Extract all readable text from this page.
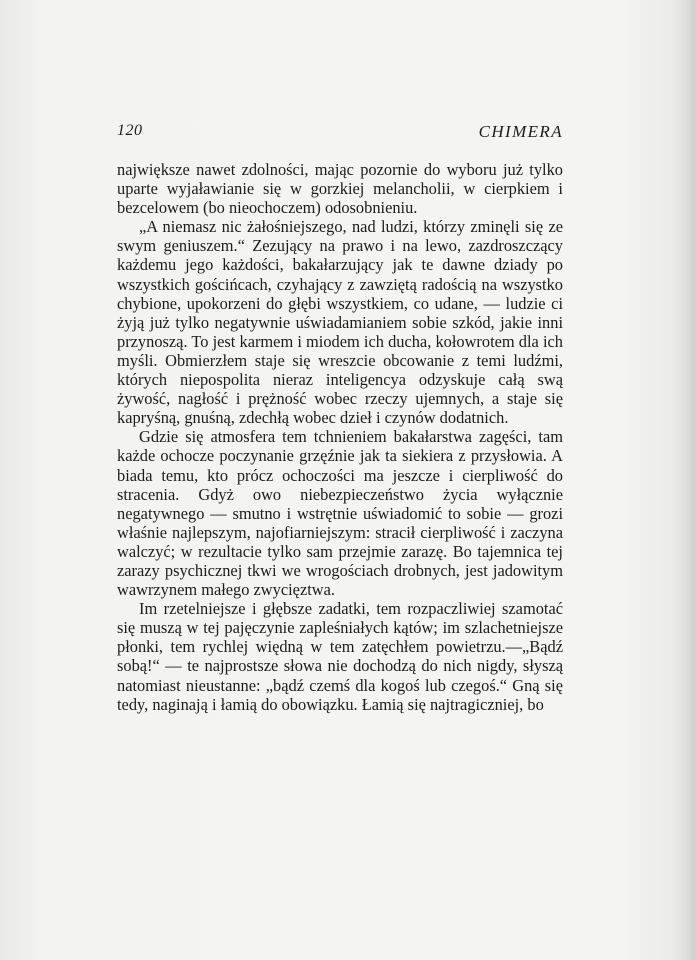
120	CHIMERA

największe nawet zdolności, mając pozornie do wyboru już tylko uparte wyjaławianie się w gorzkiej melancholii, w cierpkiem i bezcelowem (bo nieochoczem) odosobnieniu.

„A niemasz nic żałośniejszego, nad ludzi, którzy zminęli się ze swym geniuszem.“ Zezujący na prawo i na lewo, zazdroszczący każdemu jego każdości, bakałarzujący jak te dawne dziady po wszystkich gościńcach, czyhający z zawziętą radością na wszystko chybione, upokorzeni do głębi wszystkiem, co udane, — ludzie ci żyją już tylko negatywnie uświadamianiem sobie szkód, jakie inni przynoszą. To jest karmem i miodem ich ducha, kołowrotem dla ich myśli. Obmierzłem staje się wreszcie obcowanie z temi ludźmi, których niepospolita nieraz inteligencya odzyskuje całą swą żywość, nagłość i prężność wobec rzeczy ujemnych, a staje się kapryśną, gnuśną, zdechłą wobec dzieł i czynów dodatnich.

Gdzie się atmosfera tem tchnieniem bakałarstwa zagęści, tam każde ochocze poczynanie grzęźnie jak ta siekiera z przysłowia. A biada temu, kto prócz ochoczości ma jeszcze i cierpliwość do stracenia. Gdyż owo niebezpieczeństwo życia wyłącznie negatywnego — smutno i wstrętnie uświadomić to sobie — grozi właśnie najlepszym, najofiarniejszym: stracił cierpliwość i zaczyna walczyć; w rezultacie tylko sam przejmie zarazę. Bo tajemnica tej zarazy psychicznej tkwi we wrogościach drobnych, jest jadowitym wawrzynem małego zwycięztwa.

Im rzetelniejsze i głębsze zadatki, tem rozpaczliwiej szamotać się muszą w tej pajęczynie zapleśniałych kątów; im szlachetniejsze płonki, tem rychlej więdną w tem zatęchłem powietrzu.—„Bądź sobą!“ — te najprostsze słowa nie dochodzą do nich nigdy, słyszą natomiast nieustanne: „bądź czemś dla kogoś lub czegoś.“ Gną się tedy, naginają i łamią do obowiązku. Łamią się najtragiczniej, bo
